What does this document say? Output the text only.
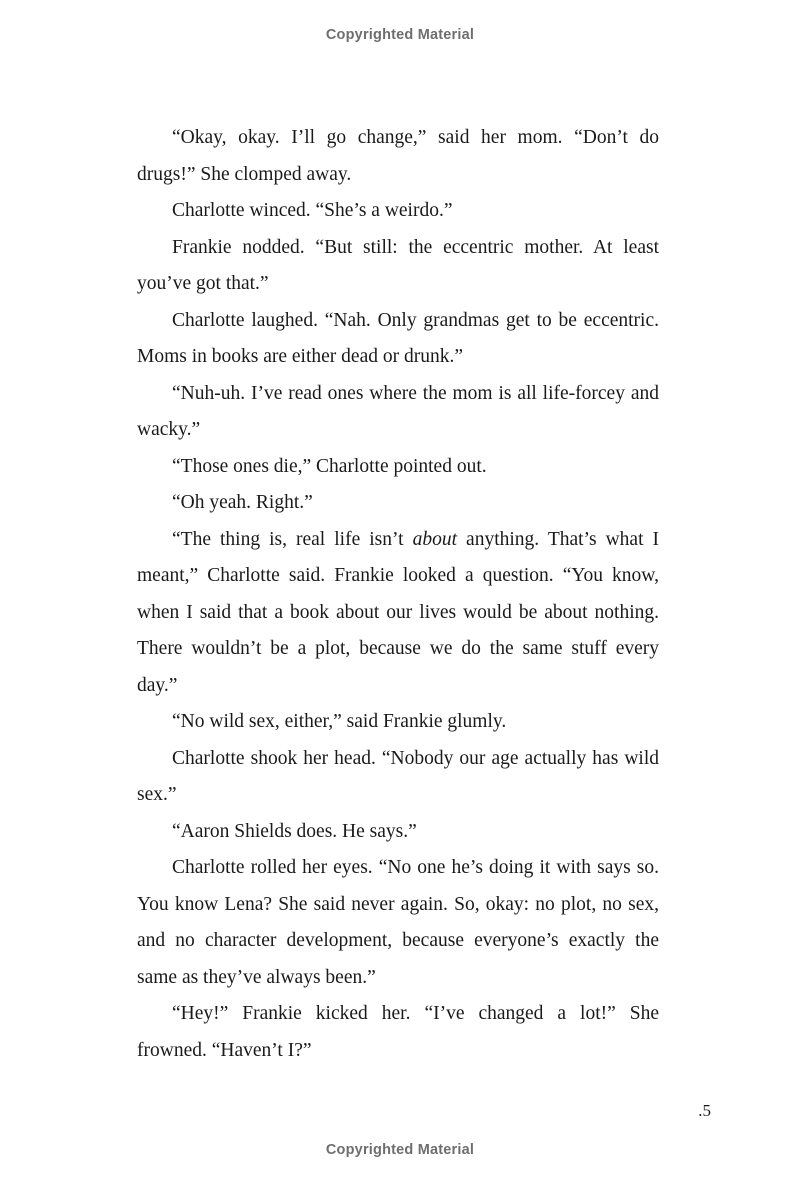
Copyrighted Material

“Okay, okay. I’ll go change,” said her mom. “Don’t do drugs!” She clomped away.

Charlotte winced. “She’s a weirdo.”

Frankie nodded. “But still: the eccentric mother. At least you’ve got that.”

Charlotte laughed. “Nah. Only grandmas get to be eccentric. Moms in books are either dead or drunk.”

“Nuh-uh. I’ve read ones where the mom is all life-forcey and wacky.”

“Those ones die,” Charlotte pointed out.

“Oh yeah. Right.”

“The thing is, real life isn’t about anything. That’s what I meant,” Charlotte said. Frankie looked a question. “You know, when I said that a book about our lives would be about nothing. There wouldn’t be a plot, because we do the same stuff every day.”

“No wild sex, either,” said Frankie glumly.

Charlotte shook her head. “Nobody our age actually has wild sex.”

“Aaron Shields does. He says.”

Charlotte rolled her eyes. “No one he’s doing it with says so. You know Lena? She said never again. So, okay: no plot, no sex, and no character development, because everyone’s exactly the same as they’ve always been.”

“Hey!” Frankie kicked her. “I’ve changed a lot!” She frowned. “Haven’t I?”

.5
Copyrighted Material
